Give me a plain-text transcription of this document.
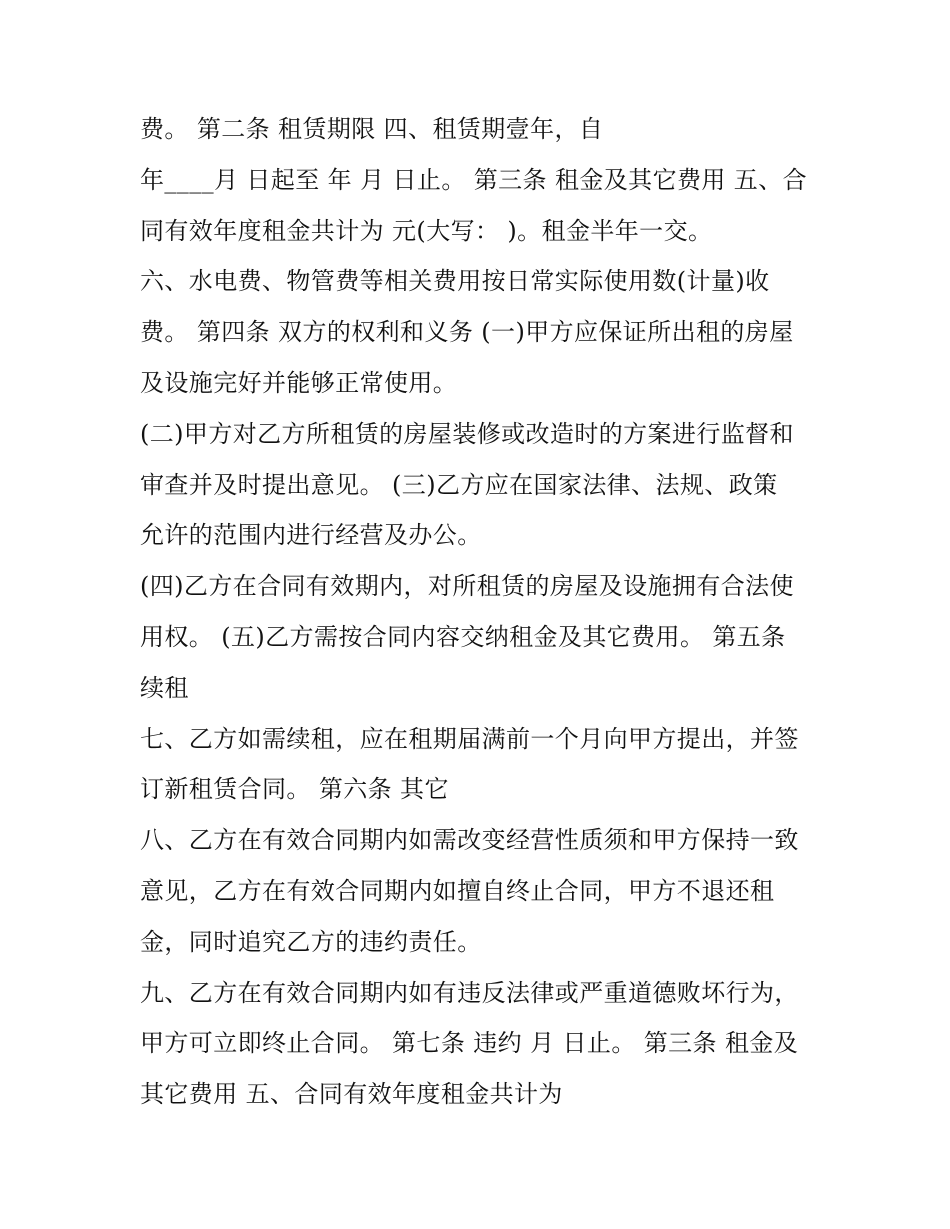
费。 第二条 租赁期限 四、租赁期壹年，自
年____月 日起至 年 月 日止。 第三条 租金及其它费用 五、合
同有效年度租金共计为 元(大写： )。租金半年一交。
六、水电费、物管费等相关费用按日常实际使用数(计量)收
费。 第四条 双方的权利和义务 (一)甲方应保证所出租的房屋
及设施完好并能够正常使用。
(二)甲方对乙方所租赁的房屋装修或改造时的方案进行监督和
审查并及时提出意见。 (三)乙方应在国家法律、法规、政策
允许的范围内进行经营及办公。
(四)乙方在合同有效期内，对所租赁的房屋及设施拥有合法使
用权。 (五)乙方需按合同内容交纳租金及其它费用。 第五条
续租
七、乙方如需续租，应在租期届满前一个月向甲方提出，并签
订新租赁合同。 第六条 其它
八、乙方在有效合同期内如需改变经营性质须和甲方保持一致
意见，乙方在有效合同期内如擅自终止合同，甲方不退还租
金，同时追究乙方的违约责任。
九、乙方在有效合同期内如有违反法律或严重道德败坏行为，
甲方可立即终止合同。 第七条 违约 月 日止。 第三条 租金及
其它费用 五、合同有效年度租金共计为
